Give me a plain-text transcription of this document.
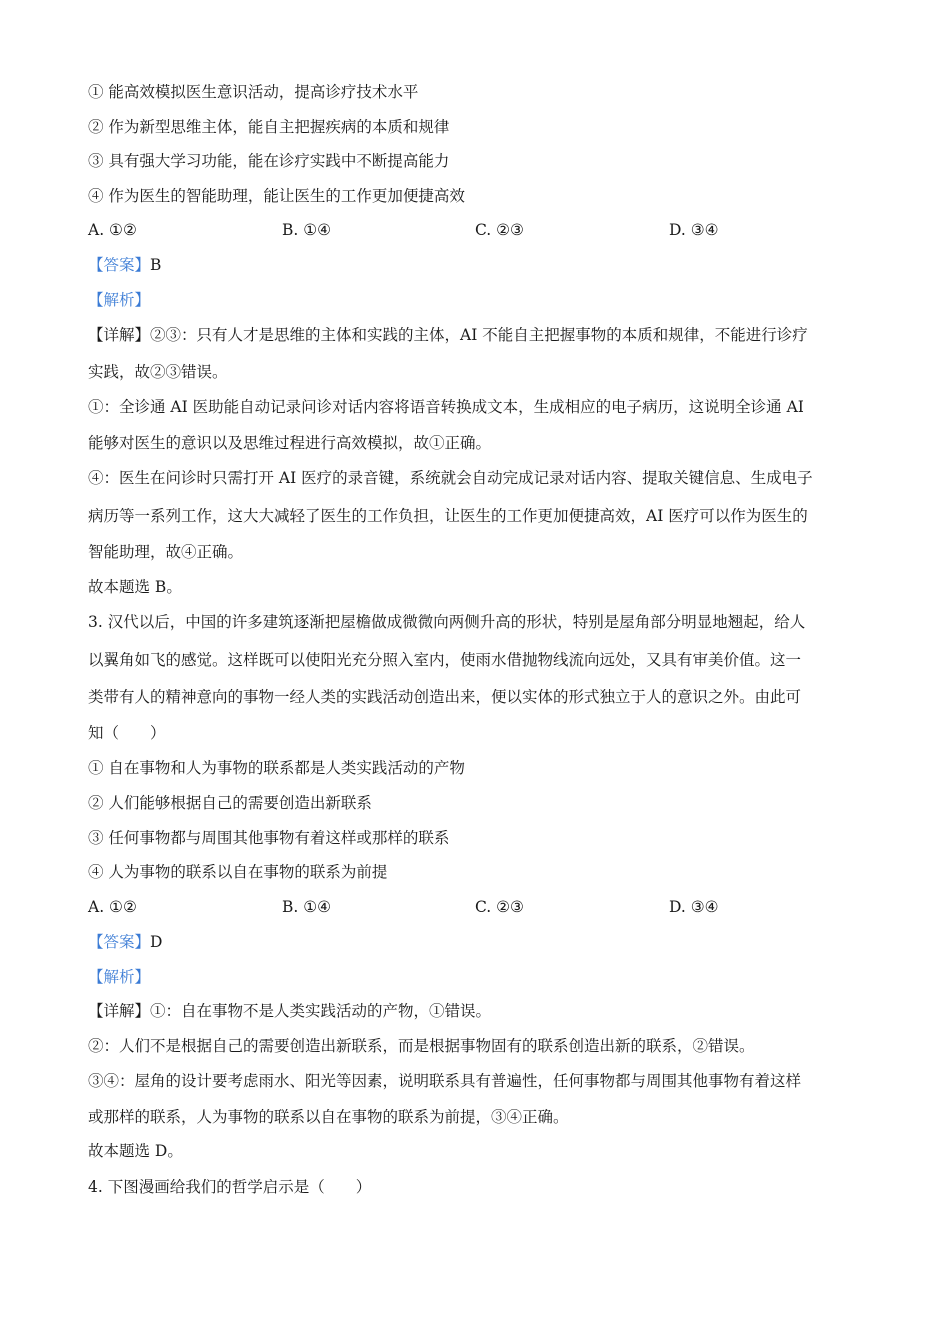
① 能高效模拟医生意识活动，提高诊疗技术水平
② 作为新型思维主体，能自主把握疾病的本质和规律
③ 具有强大学习功能，能在诊疗实践中不断提高能力
④ 作为医生的智能助理，能让医生的工作更加便捷高效
A. ①②	B. ①④	C. ②③	D. ③④
【答案】B
【解析】
【详解】②③：只有人才是思维的主体和实践的主体，AI 不能自主把握事物的本质和规律，不能进行诊疗
实践，故②③错误。
①：全诊通 AI 医助能自动记录问诊对话内容将语音转换成文本，生成相应的电子病历，这说明全诊通 AI
能够对医生的意识以及思维过程进行高效模拟，故①正确。
④：医生在问诊时只需打开 AI 医疗的录音键，系统就会自动完成记录对话内容、提取关键信息、生成电子
病历等一系列工作，这大大减轻了医生的工作负担，让医生的工作更加便捷高效，AI 医疗可以作为医生的
智能助理，故④正确。
故本题选 B。
3. 汉代以后，中国的许多建筑逐渐把屋檐做成微微向两侧升高的形状，特别是屋角部分明显地翘起，给人
以翼角如飞的感觉。这样既可以使阳光充分照入室内，使雨水借抛物线流向远处，又具有审美价值。这一
类带有人的精神意向的事物一经人类的实践活动创造出来，便以实体的形式独立于人的意识之外。由此可
知（　　）
① 自在事物和人为事物的联系都是人类实践活动的产物
② 人们能够根据自己的需要创造出新联系
③ 任何事物都与周围其他事物有着这样或那样的联系
④ 人为事物的联系以自在事物的联系为前提
A. ①②	B. ①④	C. ②③	D. ③④
【答案】D
【解析】
【详解】①：自在事物不是人类实践活动的产物，①错误。
②：人们不是根据自己的需要创造出新联系，而是根据事物固有的联系创造出新的联系，②错误。
③④：屋角的设计要考虑雨水、阳光等因素，说明联系具有普遍性，任何事物都与周围其他事物有着这样
或那样的联系，人为事物的联系以自在事物的联系为前提，③④正确。
故本题选 D。
4. 下图漫画给我们的哲学启示是（　　）
